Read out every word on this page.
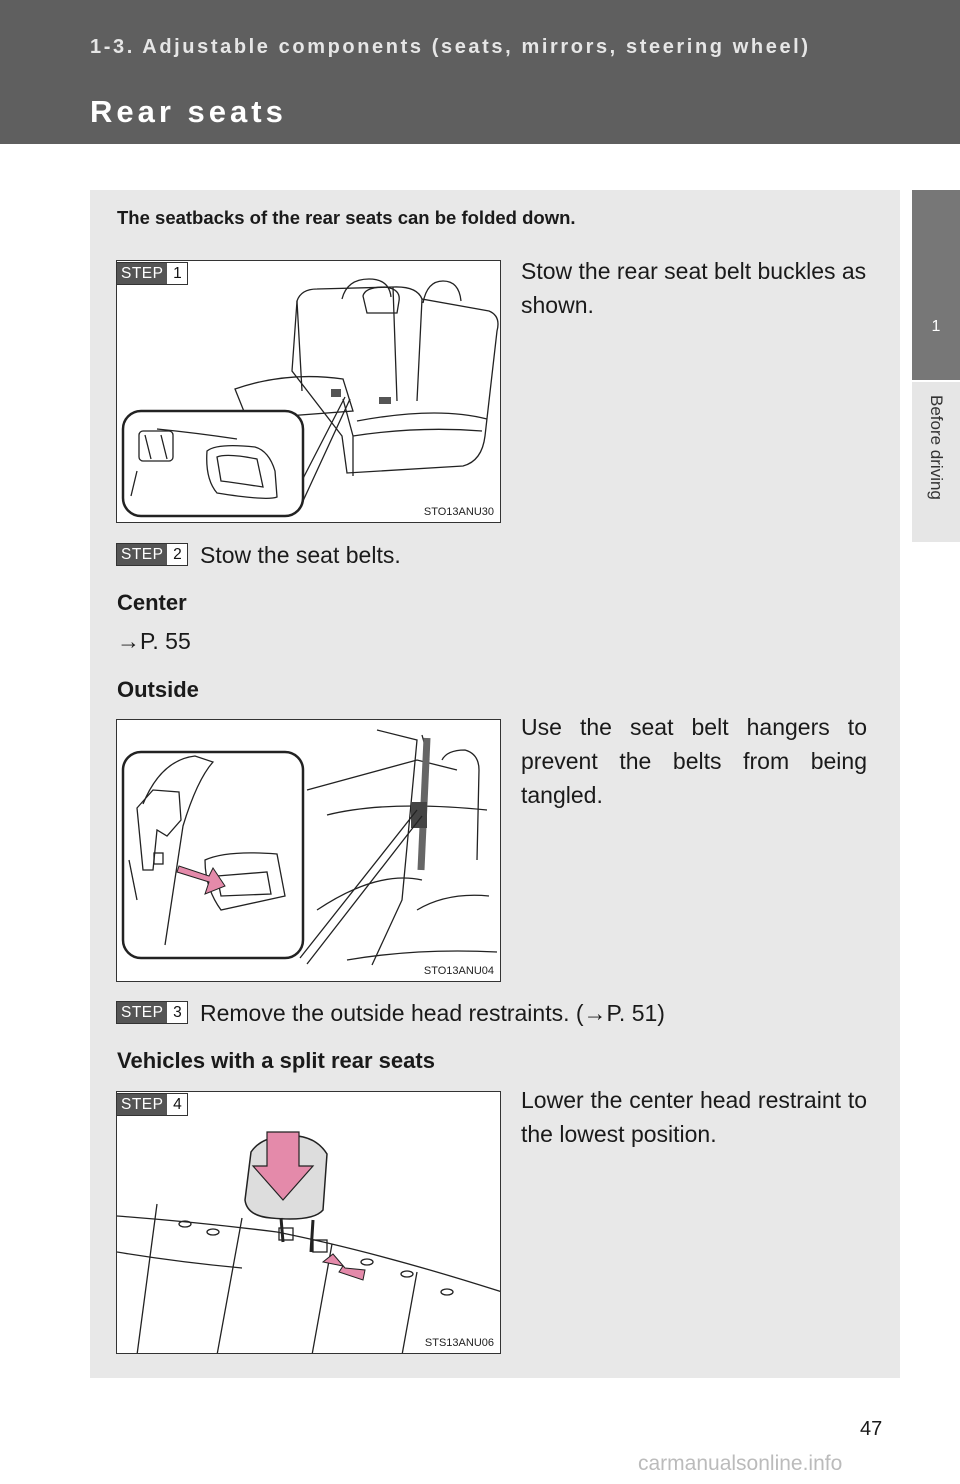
1-3. Adjustable components (seats, mirrors, steering wheel)
Rear seats
1
Before driving
The seatbacks of the rear seats can be folded down.
STO13ANU30
STEP 1	Stow the rear seat belt buckles as shown.
STEP 2 Stow the seat belts.
Center
→P. 55
Outside
STO13ANU04
Use the seat belt hangers to prevent the belts from being tangled.
STEP 3 Remove the outside head restraints. (→P. 51)
Vehicles with a split rear seats
STS13ANU06
STEP 4	Lower the center head restraint to the lowest position.
47
carmanualsonline.info
